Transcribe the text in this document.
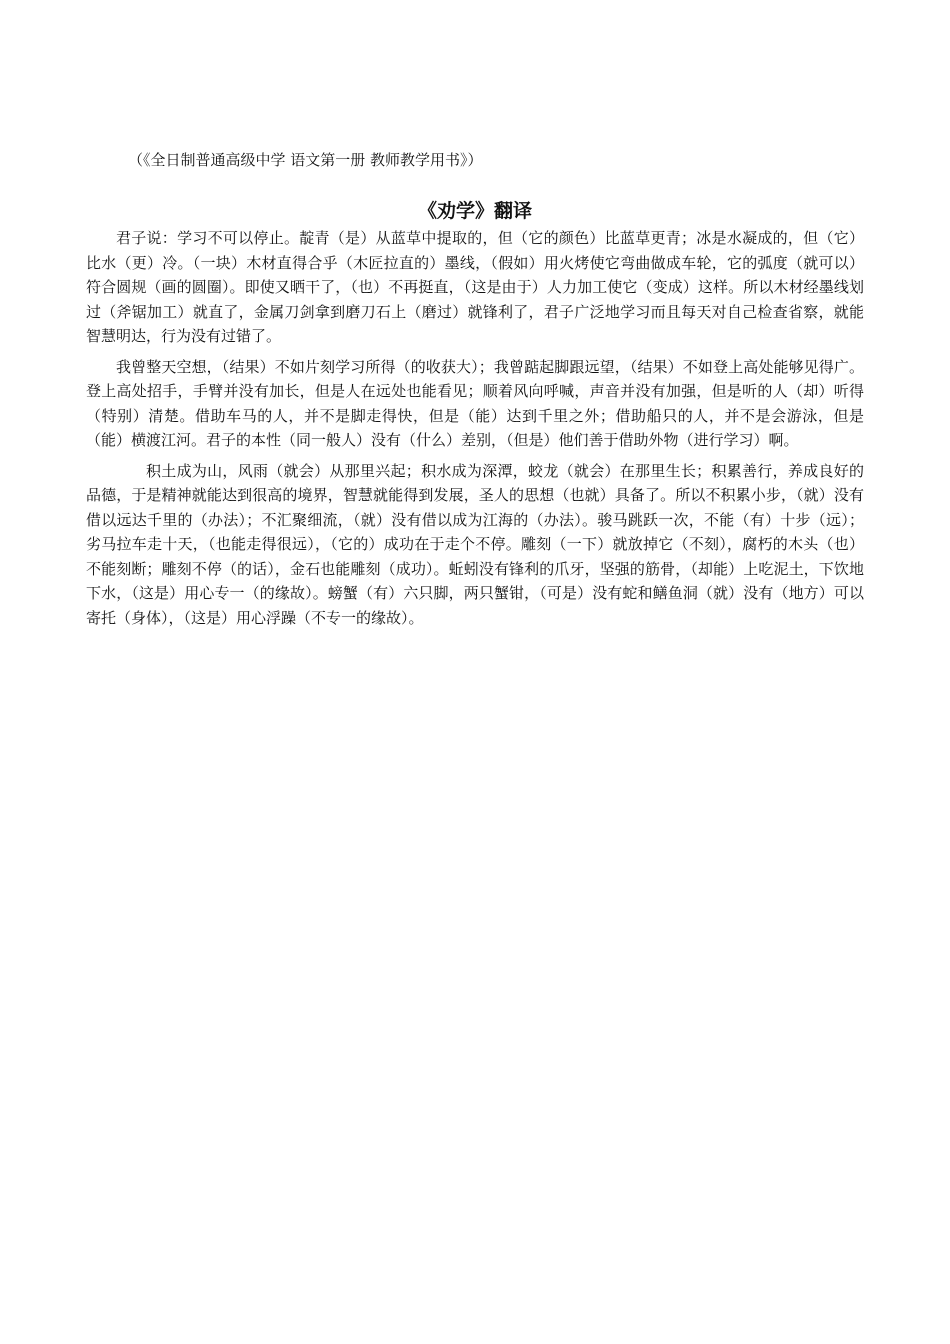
（《全日制普通高级中学 语文第一册 教师教学用书》）
《劝学》翻译

君子说：学习不可以停止。靛青（是）从蓝草中提取的，但（它的颜色）比蓝草更青；冰是水凝成的，但（它）比水（更）冷。（一块）木材直得合乎（木匠拉直的）墨线，（假如）用火烤使它弯曲做成车轮，它的弧度（就可以）符合圆规（画的圆圈）。即使又晒干了，（也）不再挺直，（这是由于）人力加工使它（变成）这样。所以木材经墨线划过（斧锯加工）就直了，金属刀剑拿到磨刀石上（磨过）就锋利了，君子广泛地学习而且每天对自己检查省察，就能智慧明达，行为没有过错了。

我曾整天空想，（结果）不如片刻学习所得（的收获大）；我曾踮起脚跟远望，（结果）不如登上高处能够见得广。登上高处招手，手臂并没有加长，但是人在远处也能看见；顺着风向呼喊，声音并没有加强，但是听的人（却）听得（特别）清楚。借助车马的人，并不是脚走得快，但是（能）达到千里之外；借助船只的人，并不是会游泳，但是（能）横渡江河。君子的本性（同一般人）没有（什么）差别，（但是）他们善于借助外物（进行学习）啊。

积土成为山，风雨（就会）从那里兴起；积水成为深潭，蛟龙（就会）在那里生长；积累善行，养成良好的品德，于是精神就能达到很高的境界，智慧就能得到发展，圣人的思想（也就）具备了。所以不积累小步，（就）没有借以远达千里的（办法）；不汇聚细流，（就）没有借以成为江海的（办法）。骏马跳跃一次，不能（有）十步（远）；劣马拉车走十天，（也能走得很远），（它的）成功在于走个不停。雕刻（一下）就放掉它（不刻），腐朽的木头（也）不能刻断；雕刻不停（的话），金石也能雕刻（成功）。蚯蚓没有锋利的爪牙，坚强的筋骨，（却能）上吃泥土，下饮地下水，（这是）用心专一（的缘故）。螃蟹（有）六只脚，两只蟹钳，（可是）没有蛇和鳝鱼洞（就）没有（地方）可以寄托（身体），（这是）用心浮躁（不专一的缘故）。
